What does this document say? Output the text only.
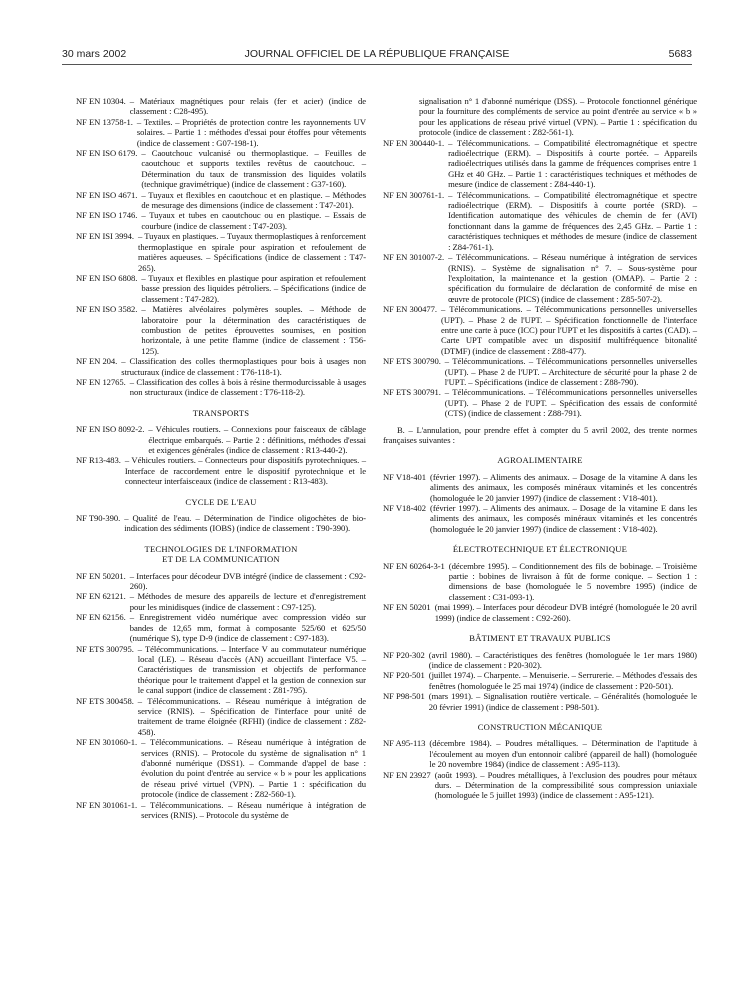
30 mars 2002	JOURNAL OFFICIEL DE LA RÉPUBLIQUE FRANÇAISE	5683
NF EN 10304. – Matériaux magnétiques pour relais (fer et acier) (indice de classement : C28-495).
NF EN 13758-1. – Textiles. – Propriétés de protection contre les rayonnements UV solaires. – Partie 1 : méthodes d'essai pour étoffes pour vêtements (indice de classement : G07-198-1).
NF EN ISO 6179. – Caoutchouc vulcanisé ou thermoplastique. – Feuilles de caoutchouc et supports textiles revêtus de caoutchouc. – Détermination du taux de transmission des liquides volatils (technique gravimétrique) (indice de classement : G37-160).
NF EN ISO 4671. – Tuyaux et flexibles en caoutchouc et en plastique. – Méthodes de mesurage des dimensions (indice de classement : T47-201).
NF EN ISO 1746. – Tuyaux et tubes en caoutchouc ou en plastique. – Essais de courbure (indice de classement : T47-203).
NF EN ISI 3994. – Tuyaux en plastiques. – Tuyaux thermoplastiques à renforcement thermoplastique en spirale pour aspiration et refoulement de matières aqueuses. – Spécifications (indice de classement : T47-265).
NF EN ISO 6808. – Tuyaux et flexibles en plastique pour aspiration et refoulement basse pression des liquides pétroliers. – Spécifications (indice de classement : T47-282).
NF EN ISO 3582. – Matières alvéolaires polymères souples. – Méthode de laboratoire pour la détermination des caractéristiques de combustion de petites éprouvettes soumises, en position horizontale, à une petite flamme (indice de classement : T56-125).
NF EN 204. – Classification des colles thermoplastiques pour bois à usages non structuraux (indice de classement : T76-118-1).
NF EN 12765. – Classification des colles à bois à résine thermodurcissable à usages non structuraux (indice de classement : T76-118-2).
TRANSPORTS
NF EN ISO 8092-2. – Véhicules routiers. – Connexions pour faisceaux de câblage électrique embarqués. – Partie 2 : définitions, méthodes d'essai et exigences générales (indice de classement : R13-440-2).
NF R13-483. – Véhicules routiers. – Connecteurs pour dispositifs pyrotechniques. – Interface de raccordement entre le dispositif pyrotechnique et le connecteur interfaisceaux (indice de classement : R13-483).
CYCLE DE L'EAU
NF T90-390. – Qualité de l'eau. – Détermination de l'indice oligochètes de bio-indication des sédiments (IOBS) (indice de classement : T90-390).
TECHNOLOGIES DE L'INFORMATION
ET DE LA COMMUNICATION
NF EN 50201. – Interfaces pour décodeur DVB intégré (indice de classement : C92-260).
NF EN 62121. – Méthodes de mesure des appareils de lecture et d'enregistrement pour les minidisques (indice de classement : C97-125).
NF EN 62156. – Enregistrement vidéo numérique avec compression vidéo sur bandes de 12,65 mm, format à composante 525/60 et 625/50 (numérique S), type D-9 (indice de classement : C97-183).
NF ETS 300795. – Télécommunications. – Interface V au commutateur numérique local (LE). – Réseau d'accès (AN) accueillant l'interface V5. – Caractéristiques de transmission et objectifs de performance théorique pour le traitement d'appel et la gestion de connexion sur le canal support (indice de classement : Z81-795).
NF ETS 300458. – Télécommunications. – Réseau numérique à intégration de service (RNIS). – Spécification de l'interface pour unité de traitement de trame éloignée (RFHI) (indice de classement : Z82-458).
NF EN 301060-1. – Télécommunications. – Réseau numérique à intégration de services (RNIS). – Protocole du système de signalisation n° 1 d'abonné numérique (DSS1). – Commande d'appel de base : évolution du point d'entrée au service « b » pour les applications de réseau privé virtuel (VPN). – Partie 1 : spécification du protocole (indice de classement : Z82-560-1).
NF EN 301061-1. – Télécommunications. – Réseau numérique à intégration de services (RNIS). – Protocole du système de
signalisation n° 1 d'abonné numérique (DSS). – Protocole fonctionnel générique pour la fourniture des compléments de service au point d'entrée au service « b » pour les applications de réseau privé virtuel (VPN). – Partie 1 : spécification du protocole (indice de classement : Z82-561-1).
NF EN 300440-1. – Télécommunications. – Compatibilité électromagnétique et spectre radioélectrique (ERM). – Dispositifs à courte portée. – Appareils radioélectriques utilisés dans la gamme de fréquences comprises entre 1 GHz et 40 GHz. – Partie 1 : caractéristiques techniques et méthodes de mesure (indice de classement : Z84-440-1).
NF EN 300761-1. – Télécommunications. – Compatibilité électromagnétique et spectre radioélectrique (ERM). – Dispositifs à courte portée (SRD). – Identification automatique des véhicules de chemin de fer (AVI) fonctionnant dans la gamme de fréquences des 2,45 GHz. – Partie 1 : caractéristiques techniques et méthodes de mesure (indice de classement : Z84-761-1).
NF EN 301007-2. – Télécommunications. – Réseau numérique à intégration de services (RNIS). – Système de signalisation n° 7. – Sous-système pour l'exploitation, la maintenance et la gestion (OMAP). – Partie 2 : spécification du formulaire de déclaration de conformité de mise en œuvre de protocole (PICS) (indice de classement : Z85-507-2).
NF EN 300477. – Télécommunications. – Télécommunications personnelles universelles (UPT). – Phase 2 de l'UPT. – Spécification fonctionnelle de l'interface entre une carte à puce (ICC) pour l'UPT et les dispositifs à cartes (CAD). – Carte UPT compatible avec un dispositif multifréquence bitonalité (DTMF) (indice de classement : Z88-477).
NF ETS 300790. – Télécommunications. – Télécommunications personnelles universelles (UPT). – Phase 2 de l'UPT. – Architecture de sécurité pour la phase 2 de l'UPT. – Spécifications (indice de classement : Z88-790).
NF ETS 300791. – Télécommunications. – Télécommunications personnelles universelles (UPT). – Phase 2 de l'UPT. – Spécification des essais de conformité (CTS) (indice de classement : Z88-791).
B. – L'annulation, pour prendre effet à compter du 5 avril 2002, des trente normes françaises suivantes :
AGROALIMENTAIRE
NF V18-401 (février 1997). – Aliments des animaux. – Dosage de la vitamine A dans les aliments des animaux, les composés minéraux vitaminés et les concentrés (homologuée le 20 janvier 1997) (indice de classement : V18-401).
NF V18-402 (février 1997). – Aliments des animaux. – Dosage de la vitamine E dans les aliments des animaux, les composés minéraux vitaminés et les concentrés (homologuée le 20 janvier 1997) (indice de classement : V18-402).
ÉLECTROTECHNIQUE ET ÉLECTRONIQUE
NF EN 60264-3-1 (décembre 1995). – Conditionnement des fils de bobinage. – Troisième partie : bobines de livraison à fût de forme conique. – Section 1 : dimensions de base (homologuée le 5 novembre 1995) (indice de classement : C31-093-1).
NF EN 50201 (mai 1999). – Interfaces pour décodeur DVB intégré (homologuée le 20 avril 1999) (indice de classement : C92-260).
BÂTIMENT ET TRAVAUX PUBLICS
NF P20-302 (avril 1980). – Caractéristiques des fenêtres (homologuée le 1er mars 1980) (indice de classement : P20-302).
NF P20-501 (juillet 1974). – Charpente. – Menuiserie. – Serrurerie. – Méthodes d'essais des fenêtres (homologuée le 25 mai 1974) (indice de classement : P20-501).
NF P98-501 (mars 1991). – Signalisation routière verticale. – Généralités (homologuée le 20 février 1991) (indice de classement : P98-501).
CONSTRUCTION MÉCANIQUE
NF A95-113 (décembre 1984). – Poudres métalliques. – Détermination de l'aptitude à l'écoulement au moyen d'un entonnoir calibré (appareil de hall) (homologuée le 20 novembre 1984) (indice de classement : A95-113).
NF EN 23927 (août 1993). – Poudres métalliques, à l'exclusion des poudres pour métaux durs. – Détermination de la compressibilité sous compression uniaxiale (homologuée le 5 juillet 1993) (indice de classement : A95-121).
